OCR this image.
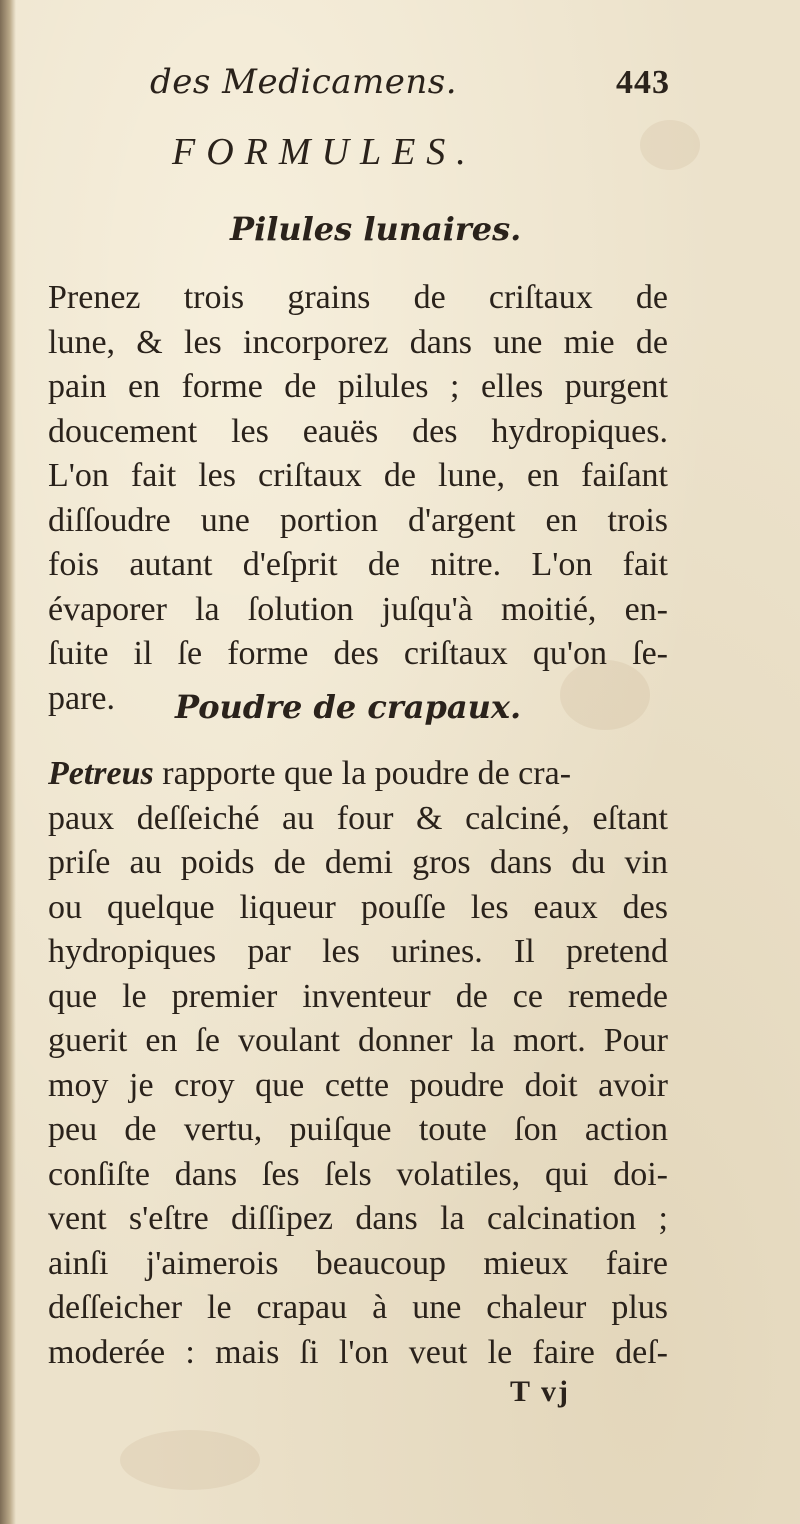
des Medicamens.	443
FORMULES.
Pilules lunaires.
Prenez trois grains de criſtaux de
lune, & les incorporez dans une mie de
pain en forme de pilules ; elles purgent
doucement les eauës des hydropiques.
L'on fait les criſtaux de lune, en faiſant
diſſoudre une portion d'argent en trois
fois autant d'eſprit de nitre. L'on fait
évaporer la ſolution juſqu'à moitié, en-
ſuite il ſe forme des criſtaux qu'on ſe-
pare.	Poudre de crapaux.
Petreus rapporte que la poudre de cra-
paux deſſeiché au four & calciné, eſtant
priſe au poids de demi gros dans du vin
ou quelque liqueur pouſſe les eaux des
hydropiques par les urines. Il pretend
que le premier inventeur de ce remede
guerit en ſe voulant donner la mort. Pour
moy je croy que cette poudre doit avoir
peu de vertu, puiſque toute ſon action
conſiſte dans ſes ſels volatiles, qui doi-
vent s'eſtre diſſipez dans la calcination ;
ainſi j'aimerois beaucoup mieux faire
deſſeicher le crapau à une chaleur plus
moderée : mais ſi l'on veut le faire deſ-
T vj
